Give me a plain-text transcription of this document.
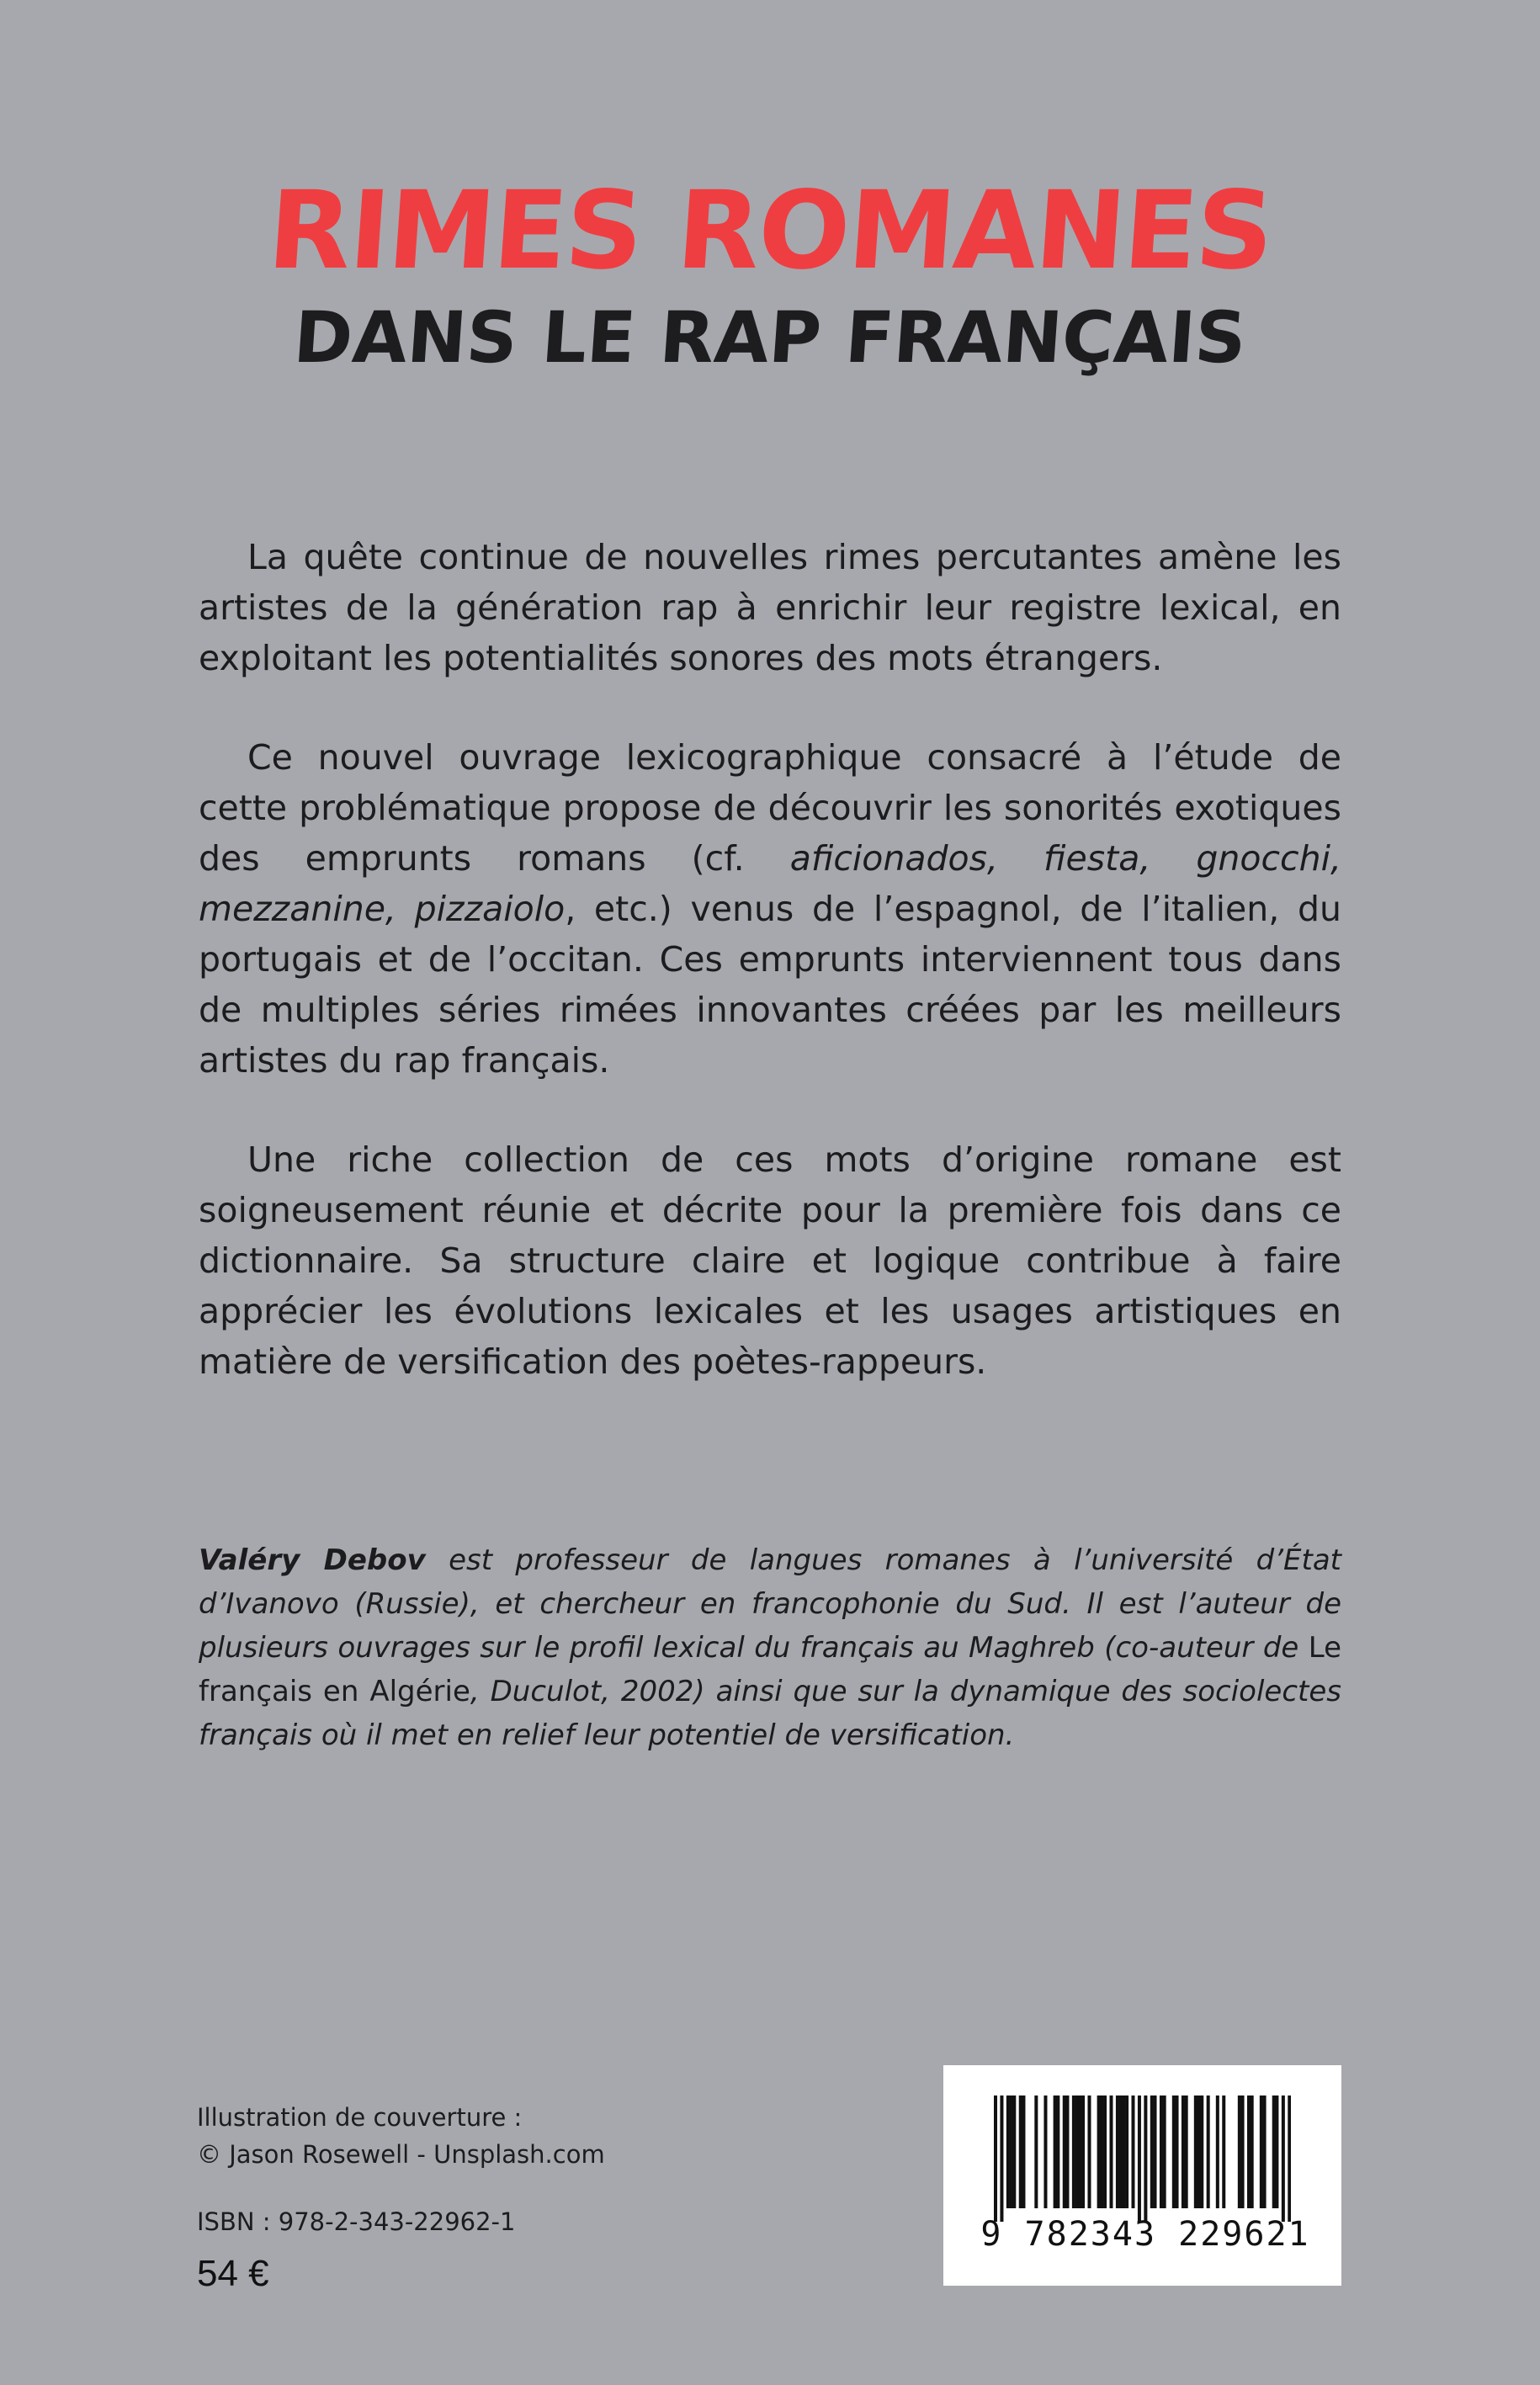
RIMES ROMANES
DANS LE RAP FRANÇAIS

La quête continue de nouvelles rimes percutantes amène les artistes de la génération rap à enrichir leur registre lexical, en exploitant les potentialités sonores des mots étrangers.

Ce nouvel ouvrage lexicographique consacré à l’étude de cette problématique propose de découvrir les sonorités exotiques des emprunts romans (cf. aficionados, fiesta, gnocchi, mezzanine, pizzaiolo, etc.) venus de l’espagnol, de l’italien, du portugais et de l’occitan. Ces emprunts interviennent tous dans de multiples séries rimées innovantes créées par les meilleurs artistes du rap français.

Une riche collection de ces mots d’origine romane est soigneusement réunie et décrite pour la première fois dans ce dictionnaire. Sa structure claire et logique contribue à faire apprécier les évolutions lexicales et les usages artistiques en matière de versification des poètes-rappeurs.

Valéry Debov est professeur de langues romanes à l’université d’État d’Ivanovo (Russie), et chercheur en francophonie du Sud. Il est l’auteur de plusieurs ouvrages sur le profil lexical du français au Maghreb (co-auteur de Le français en Algérie, Duculot, 2002) ainsi que sur la dynamique des sociolectes français où il met en relief leur potentiel de versification.
Illustration de couverture :
© Jason Rosewell - Unsplash.com
ISBN : 978-2-343-22962-1
54 €
9 782343 229621
